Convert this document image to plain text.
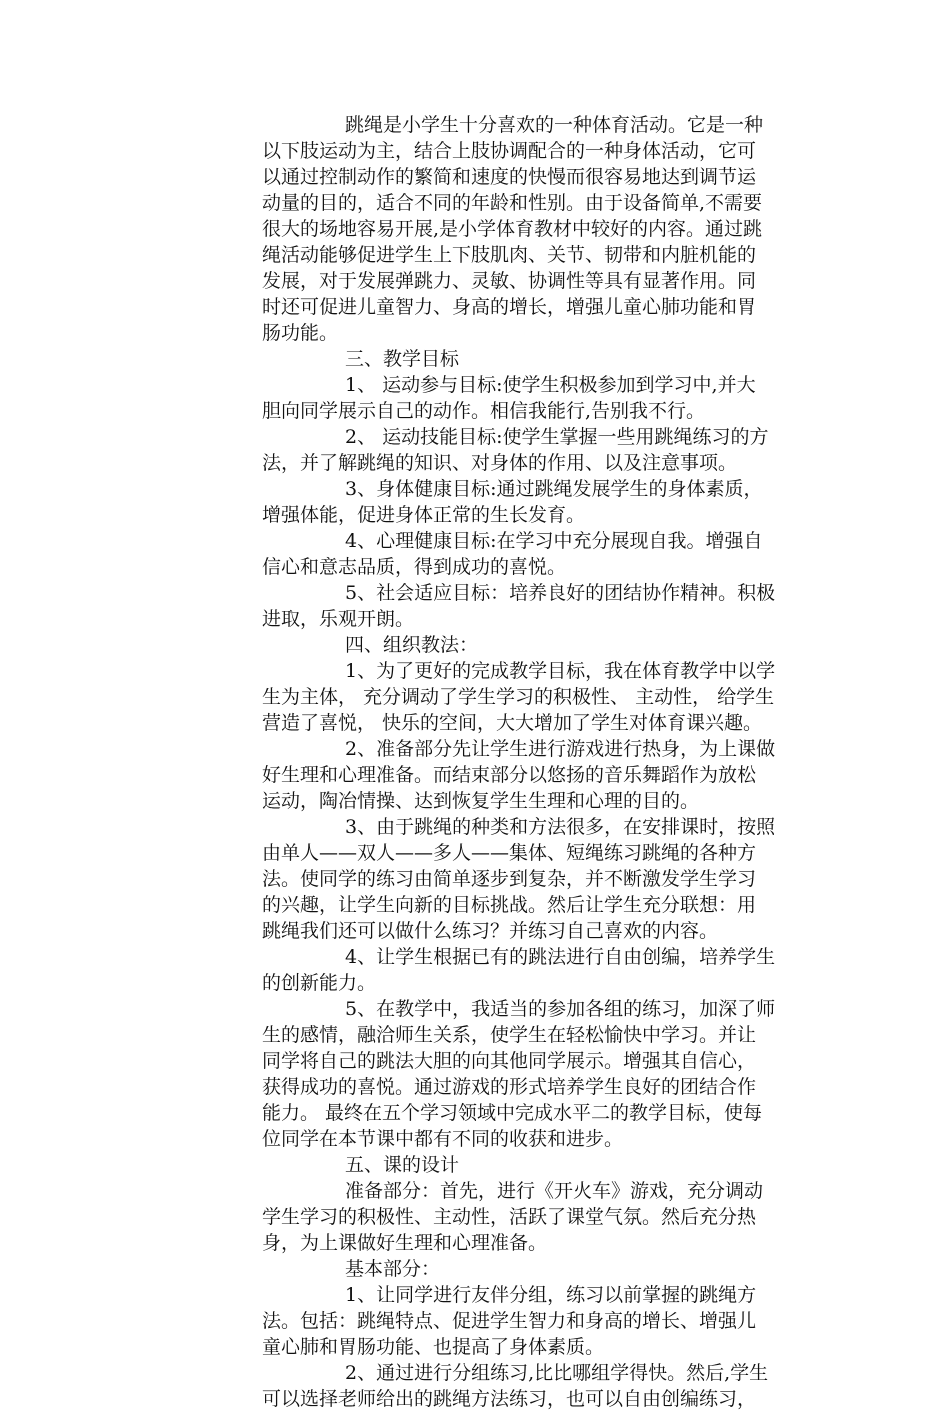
跳绳是小学生十分喜欢的一种体育活动。它是一种
以下肢运动为主，结合上肢协调配合的一种身体活动，它可
以通过控制动作的繁简和速度的快慢而很容易地达到调节运
动量的目的，适合不同的年龄和性别。由于设备简单,不需要
很大的场地容易开展,是小学体育教材中较好的内容。通过跳
绳活动能够促进学生上下肢肌肉、关节、韧带和内脏机能的
发展，对于发展弹跳力、灵敏、协调性等具有显著作用。同
时还可促进儿童智力、身高的增长，增强儿童心肺功能和胃
肠功能。
三、教学目标
1、 运动参与目标:使学生积极参加到学习中,并大
胆向同学展示自己的动作。相信我能行,告别我不行。
2、 运动技能目标:使学生掌握一些用跳绳练习的方
法，并了解跳绳的知识、对身体的作用、以及注意事项。
3、身体健康目标:通过跳绳发展学生的身体素质，
增强体能，促进身体正常的生长发育。
4、心理健康目标:在学习中充分展现自我。增强自
信心和意志品质，得到成功的喜悦。
5、社会适应目标：培养良好的团结协作精神。积极
进取，乐观开朗。
四、组织教法：
1、为了更好的完成教学目标，我在体育教学中以学
生为主体， 充分调动了学生学习的积极性、 主动性， 给学生
营造了喜悦， 快乐的空间，大大增加了学生对体育课兴趣。
2、准备部分先让学生进行游戏进行热身，为上课做
好生理和心理准备。而结束部分以悠扬的音乐舞蹈作为放松
运动，陶冶情操、达到恢复学生生理和心理的目的。
3、由于跳绳的种类和方法很多，在安排课时，按照
由单人——双人——多人——集体、短绳练习跳绳的各种方
法。使同学的练习由简单逐步到复杂，并不断激发学生学习
的兴趣，让学生向新的目标挑战。然后让学生充分联想：用
跳绳我们还可以做什么练习？并练习自己喜欢的内容。
4、让学生根据已有的跳法进行自由创编，培养学生
的创新能力。
5、在教学中，我适当的参加各组的练习，加深了师
生的感情，融洽师生关系，使学生在轻松愉快中学习。并让
同学将自己的跳法大胆的向其他同学展示。增强其自信心，
获得成功的喜悦。通过游戏的形式培养学生良好的团结合作
能力。 最终在五个学习领域中完成水平二的教学目标，使每
位同学在本节课中都有不同的收获和进步。
五、课的设计
准备部分：首先，进行《开火车》游戏，充分调动
学生学习的积极性、主动性，活跃了课堂气氛。然后充分热
身，为上课做好生理和心理准备。
基本部分：
1、让同学进行友伴分组，练习以前掌握的跳绳方
法。包括：跳绳特点、促进学生智力和身高的增长、增强儿
童心肺和胃肠功能、也提高了身体素质。
2、通过进行分组练习,比比哪组学得快。然后,学生
可以选择老师给出的跳绳方法练习，也可以自由创编练习，
